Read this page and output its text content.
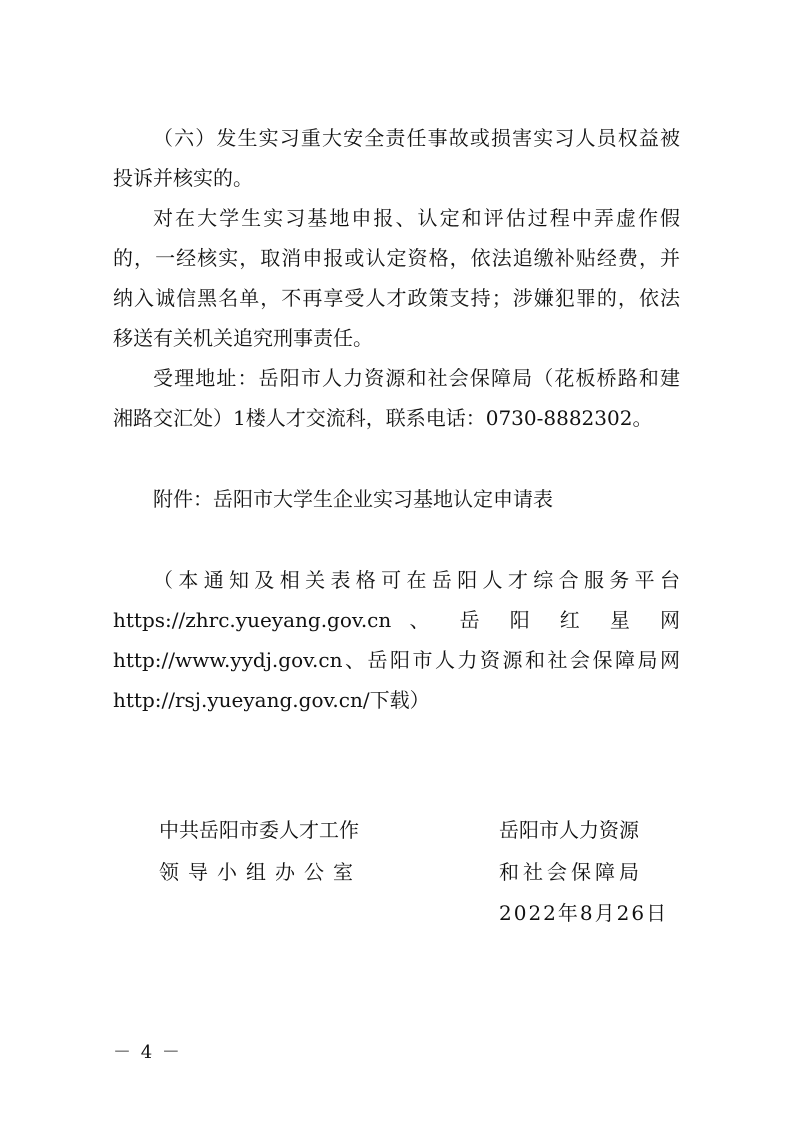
（六）发生实习重大安全责任事故或损害实习人员权益被
投诉并核实的。
对在大学生实习基地申报、认定和评估过程中弄虚作假
的，一经核实，取消申报或认定资格，依法追缴补贴经费，并
纳入诚信黑名单，不再享受人才政策支持；涉嫌犯罪的，依法
移送有关机关追究刑事责任。
受理地址：岳阳市人力资源和社会保障局（花板桥路和建
湘路交汇处）1楼人才交流科，联系电话：0730-8882302。
附件：岳阳市大学生企业实习基地认定申请表
（本通知及相关表格可在岳阳人才综合服务平台
https://zhrc.yueyang.gov.cn 、 岳 阳 红 星 网
http://www.yydj.gov.cn、岳阳市人力资源和社会保障局网
http://rsj.yueyang.gov.cn/下载）
中共岳阳市委人才工作
领导小组办公室
岳阳市人力资源
和社会保障局
2022年8月26日
－ 4 －
